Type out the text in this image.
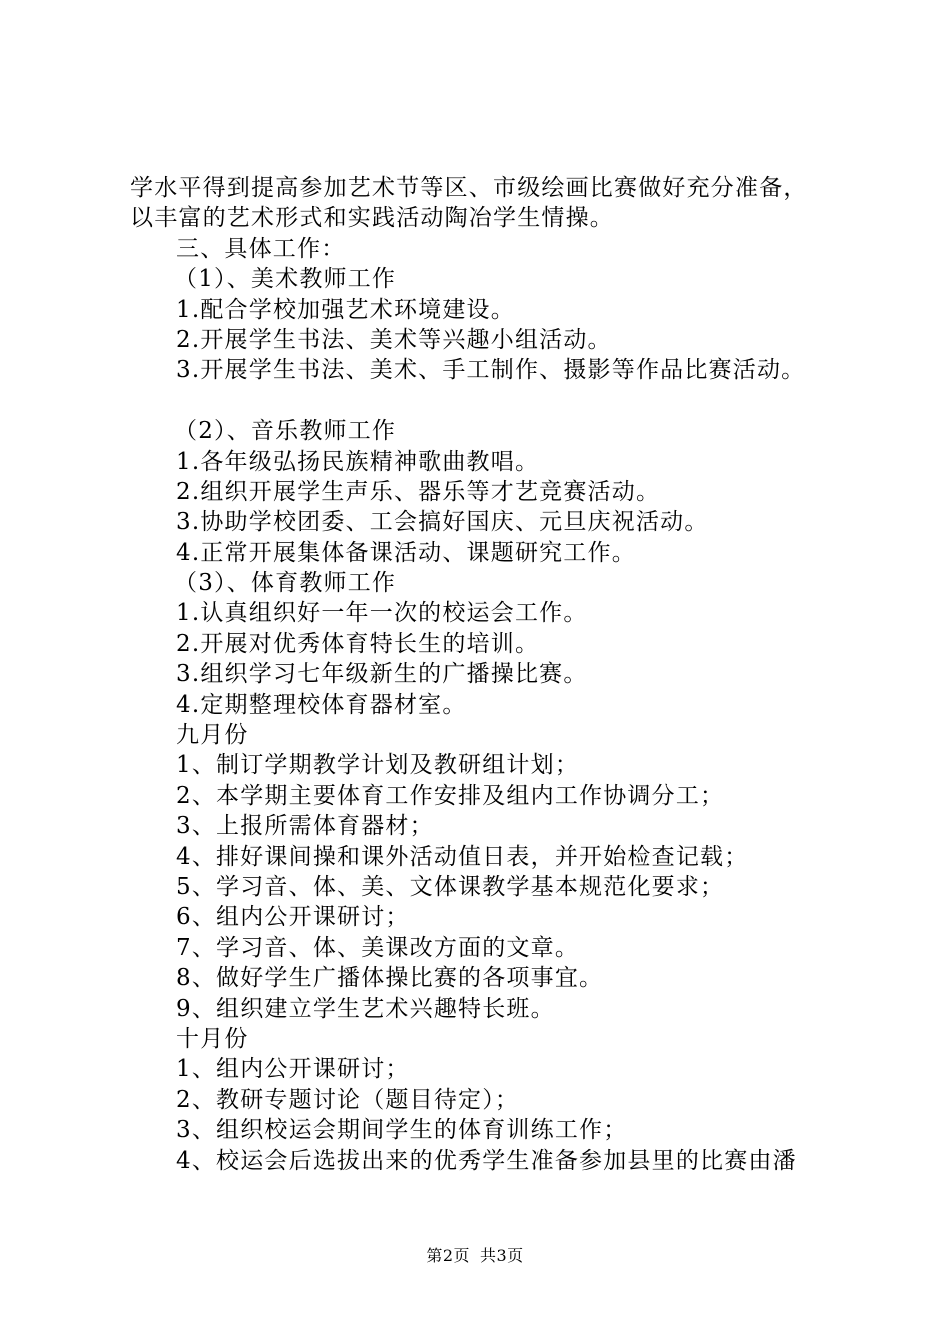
学水平得到提高参加艺术节等区、市级绘画比赛做好充分准备，
以丰富的艺术形式和实践活动陶冶学生情操。
三、具体工作：
（1）、美术教师工作
1.配合学校加强艺术环境建设。
2.开展学生书法、美术等兴趣小组活动。
3.开展学生书法、美术、手工制作、摄影等作品比赛活动。
（2）、音乐教师工作
1.各年级弘扬民族精神歌曲教唱。
2.组织开展学生声乐、器乐等才艺竞赛活动。
3.协助学校团委、工会搞好国庆、元旦庆祝活动。
4.正常开展集体备课活动、课题研究工作。
（3）、体育教师工作
1.认真组织好一年一次的校运会工作。
2.开展对优秀体育特长生的培训。
3.组织学习七年级新生的广播操比赛。
4.定期整理校体育器材室。
九月份
1、制订学期教学计划及教研组计划；
2、本学期主要体育工作安排及组内工作协调分工；
3、上报所需体育器材；
4、排好课间操和课外活动值日表，并开始检查记载；
5、学习音、体、美、文体课教学基本规范化要求；
6、组内公开课研讨；
7、学习音、体、美课改方面的文章。
8、做好学生广播体操比赛的各项事宜。
9、组织建立学生艺术兴趣特长班。
十月份
1、组内公开课研讨；
2、教研专题讨论（题目待定）；
3、组织校运会期间学生的体育训练工作；
4、校运会后选拔出来的优秀学生准备参加县里的比赛由潘
第2页 共3页
